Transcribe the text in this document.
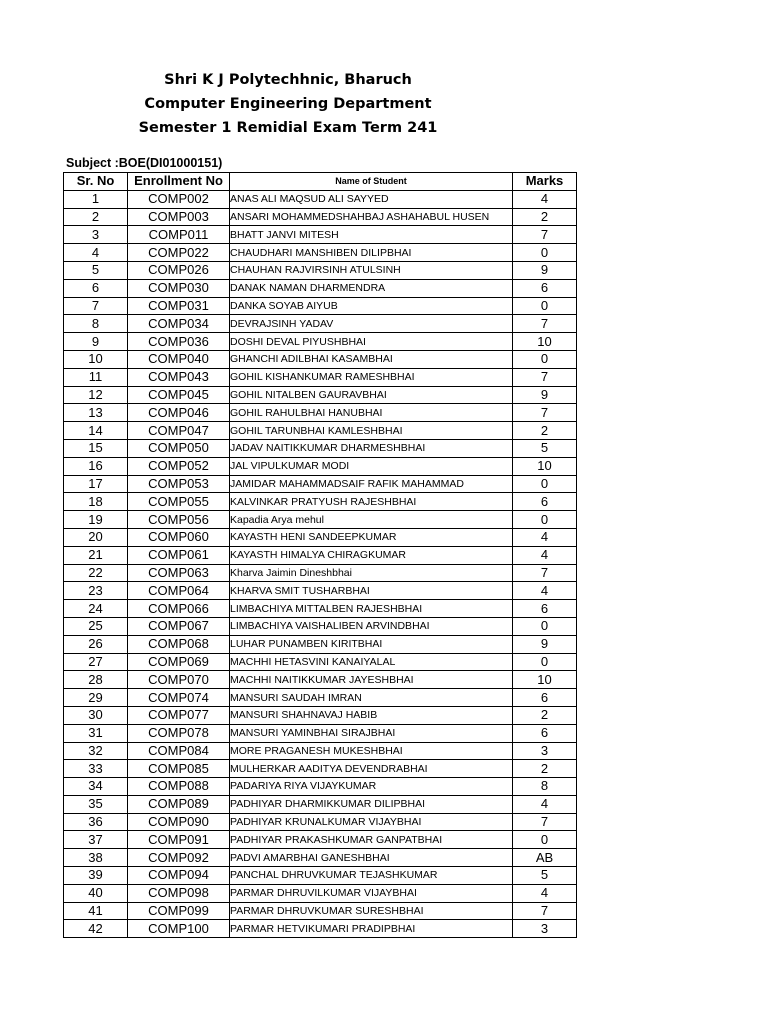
Shri K J Polytechhnic, Bharuch
Computer Engineering Department
Semester 1 Remidial Exam Term 241
Subject :BOE(DI01000151)
Sr. No	Enrollment No	Name of Student	Marks
1	COMP002	ANAS ALI MAQSUD ALI SAYYED	4
2	COMP003	ANSARI MOHAMMEDSHAHBAJ ASHAHABUL HUSEN	2
3	COMP011	BHATT JANVI MITESH	7
4	COMP022	CHAUDHARI MANSHIBEN DILIPBHAI	0
5	COMP026	CHAUHAN RAJVIRSINH ATULSINH	9
6	COMP030	DANAK NAMAN DHARMENDRA	6
7	COMP031	DANKA SOYAB AIYUB	0
8	COMP034	DEVRAJSINH YADAV	7
9	COMP036	DOSHI DEVAL PIYUSHBHAI	10
10	COMP040	GHANCHI ADILBHAI KASAMBHAI	0
11	COMP043	GOHIL KISHANKUMAR RAMESHBHAI	7
12	COMP045	GOHIL NITALBEN GAURAVBHAI	9
13	COMP046	GOHIL RAHULBHAI HANUBHAI	7
14	COMP047	GOHIL TARUNBHAI KAMLESHBHAI	2
15	COMP050	JADAV NAITIKKUMAR DHARMESHBHAI	5
16	COMP052	JAL VIPULKUMAR MODI	10
17	COMP053	JAMIDAR MAHAMMADSAIF RAFIK MAHAMMAD	0
18	COMP055	KALVINKAR PRATYUSH RAJESHBHAI	6
19	COMP056	Kapadia Arya mehul	0
20	COMP060	KAYASTH HENI SANDEEPKUMAR	4
21	COMP061	KAYASTH HIMALYA CHIRAGKUMAR	4
22	COMP063	Kharva Jaimin Dineshbhai	7
23	COMP064	KHARVA SMIT TUSHARBHAI	4
24	COMP066	LIMBACHIYA MITTALBEN RAJESHBHAI	6
25	COMP067	LIMBACHIYA VAISHALIBEN ARVINDBHAI	0
26	COMP068	LUHAR PUNAMBEN KIRITBHAI	9
27	COMP069	MACHHI HETASVINI KANAIYALAL	0
28	COMP070	MACHHI NAITIKKUMAR JAYESHBHAI	10
29	COMP074	MANSURI SAUDAH IMRAN	6
30	COMP077	MANSURI SHAHNAVAJ HABIB	2
31	COMP078	MANSURI YAMINBHAI SIRAJBHAI	6
32	COMP084	MORE PRAGANESH MUKESHBHAI	3
33	COMP085	MULHERKAR AADITYA DEVENDRABHAI	2
34	COMP088	PADARIYA RIYA VIJAYKUMAR	8
35	COMP089	PADHIYAR DHARMIKKUMAR DILIPBHAI	4
36	COMP090	PADHIYAR KRUNALKUMAR VIJAYBHAI	7
37	COMP091	PADHIYAR PRAKASHKUMAR GANPATBHAI	0
38	COMP092	PADVI AMARBHAI GANESHBHAI	AB
39	COMP094	PANCHAL DHRUVKUMAR TEJASHKUMAR	5
40	COMP098	PARMAR DHRUVILKUMAR VIJAYBHAI	4
41	COMP099	PARMAR DHRUVKUMAR SURESHBHAI	7
42	COMP100	PARMAR HETVIKUMARI PRADIPBHAI	3
